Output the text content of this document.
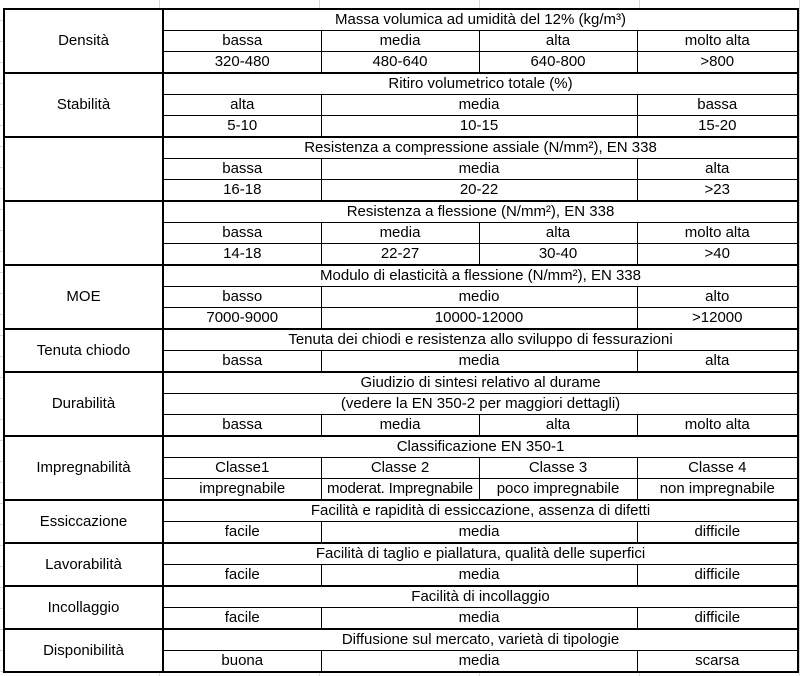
Densità	Massa volumica ad umidità del 12% (kg/m³)			
	bassa	media	alta	molto alta
	320-480	480-640	640-800	>800
Stabilità	Ritiro volumetrico totale (%)			
	alta	media		bassa
	5-10	10-15		15-20
	Resistenza a compressione assiale (N/mm²), EN 338			
	bassa	media		alta
	16-18	20-22		>23
	Resistenza a flessione (N/mm²), EN 338			
	bassa	media	alta	molto alta
	14-18	22-27	30-40	>40
MOE	Modulo di elasticità a flessione (N/mm²), EN 338			
	basso	medio		alto
	7000-9000	10000-12000		>12000
Tenuta chiodo	Tenuta dei chiodi e resistenza allo sviluppo di fessurazioni			
	bassa	media		alta
Durabilità	Giudizio di sintesi relativo al durame			
	(vedere la EN 350-2 per maggiori dettagli)			
	bassa	media	alta	molto alta
Impregnabilità	Classificazione EN 350-1			
	Classe1	Classe 2	Classe 3	Classe 4
	impregnabile	moderat. Impregnabile	poco impregnabile	non impregnabile
Essiccazione	Facilità e rapidità di essiccazione, assenza di difetti			
	facile	media		difficile
Lavorabilità	Facilità di taglio e piallatura, qualità delle superfici			
	facile	media		difficile
Incollaggio	Facilità di incollaggio			
	facile	media		difficile
Disponibilità	Diffusione sul mercato, varietà di tipologie			
	buona	media		scarsa
